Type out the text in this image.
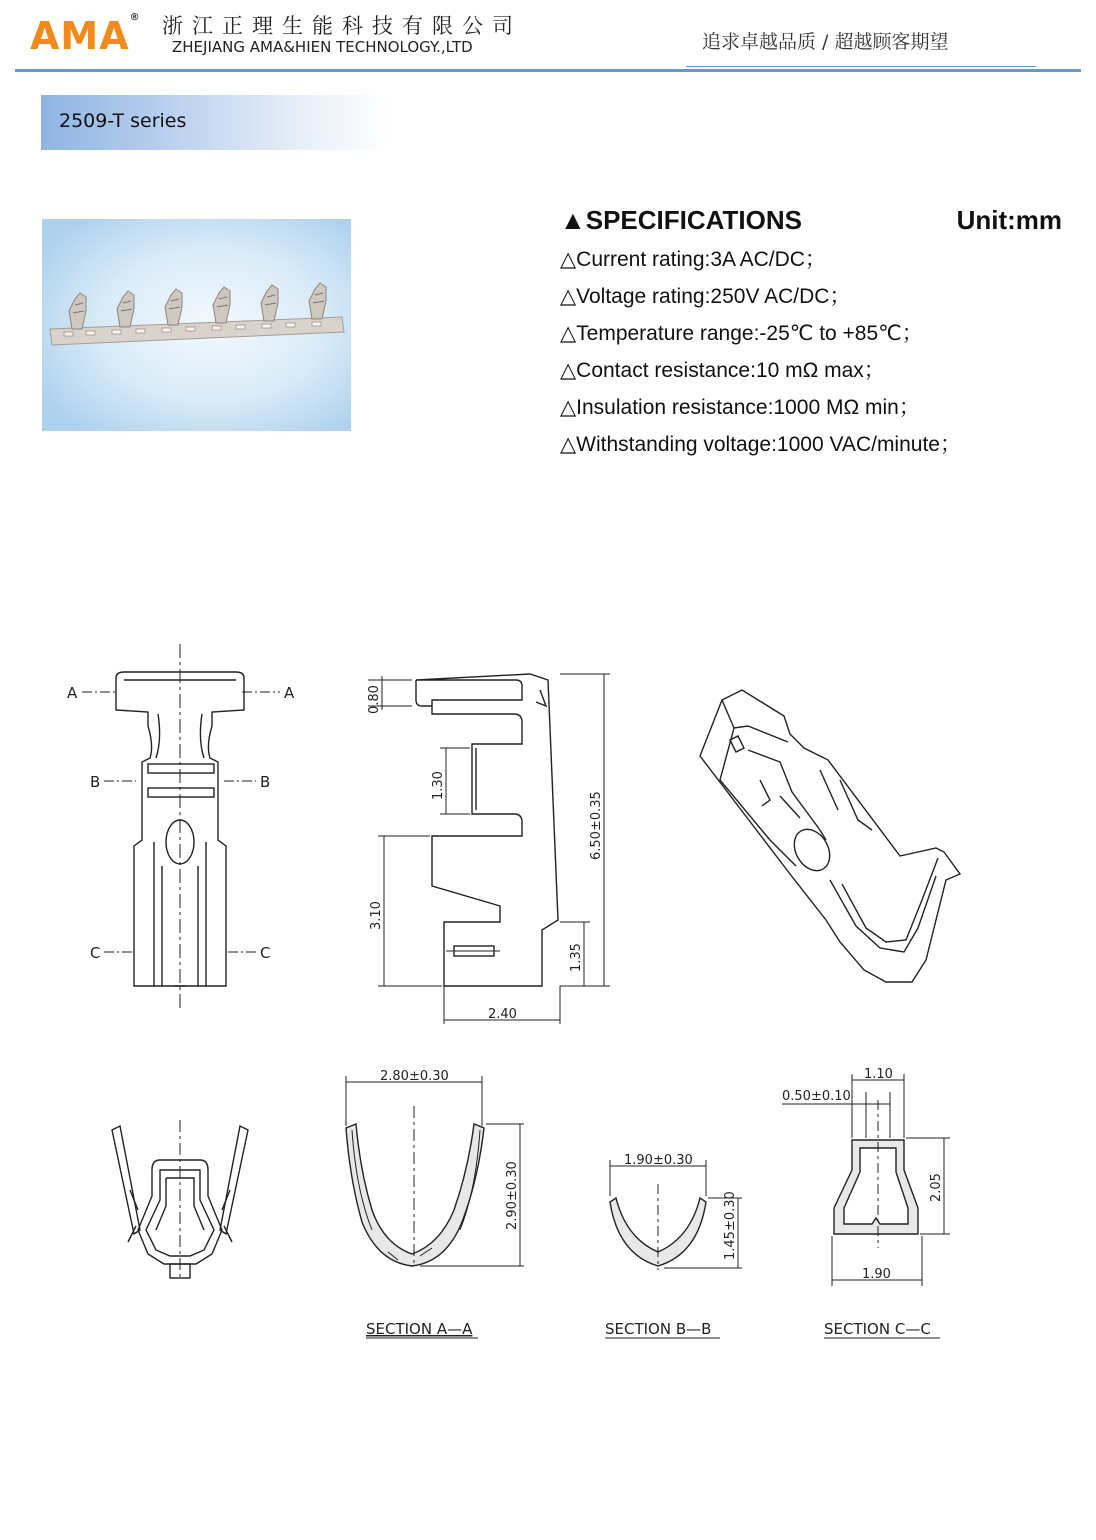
AMA® 浙江正理生能科技有限公司
ZHEJIANG AMA&HIEN TECHNOLOGY.,LTD	追求卓越品质 / 超越顾客期望
2509-T series
▲SPECIFICATIONS	Unit:mm
△Current rating:3A AC/DC；
△Voltage rating:250V AC/DC；
△Temperature range:-25℃ to +85℃；
△Contact resistance:10 mΩ max；
△Insulation resistance:1000 MΩ min；
△Withstanding voltage:1000 VAC/minute；
A	A
B	B
C	C
0.80
1.30
3.10
6.50±0.35
1.35
2.40
2.80±0.30
2.90±0.30
SECTION A—A
1.90±0.30
1.45±0.30
SECTION B—B
1.10
0.50±0.10
2.05
1.90
SECTION C—C
